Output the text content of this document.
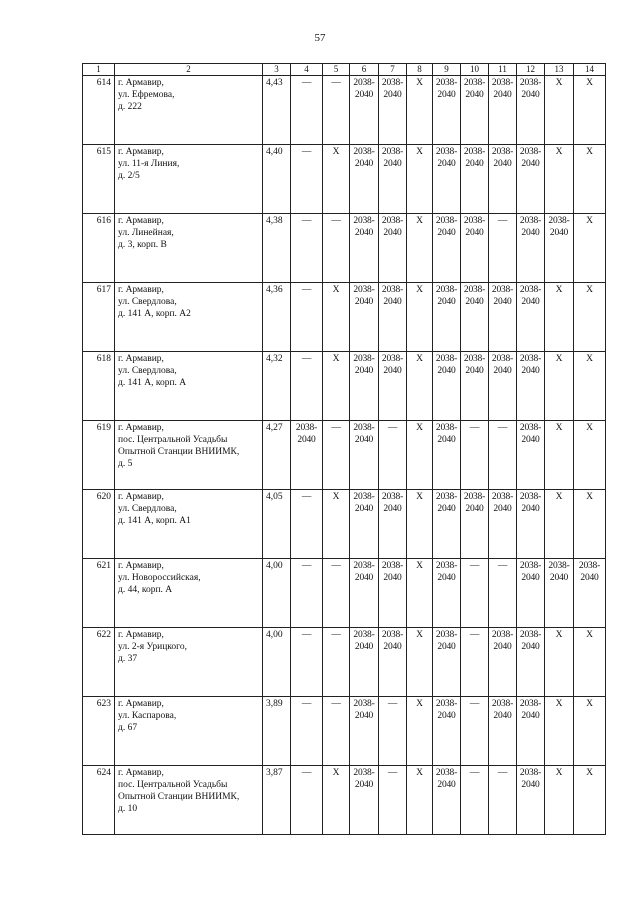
57
1	2	3	4	5	6	7	8	9	10	11	12	13	14
614	г. Армавир,
ул. Ефремова,
д. 222	4,43	—	—	2038-
2040	2038-
2040	X	2038-
2040	2038-
2040	2038-
2040	2038-
2040	X	X
615	г. Армавир,
ул. 11-я Линия,
д. 2/5	4,40	—	X	2038-
2040	2038-
2040	X	2038-
2040	2038-
2040	2038-
2040	2038-
2040	X	X
616	г. Армавир,
ул. Линейная,
д. 3, корп. В	4,38	—	—	2038-
2040	2038-
2040	X	2038-
2040	2038-
2040	—	2038-
2040	2038-
2040	X
617	г. Армавир,
ул. Свердлова,
д. 141 А, корп. А2	4,36	—	X	2038-
2040	2038-
2040	X	2038-
2040	2038-
2040	2038-
2040	2038-
2040	X	X
618	г. Армавир,
ул. Свердлова,
д. 141 А, корп. А	4,32	—	X	2038-
2040	2038-
2040	X	2038-
2040	2038-
2040	2038-
2040	2038-
2040	X	X
619	г. Армавир,
пос. Центральной Усадьбы
Опытной Станции ВНИИМК,
д. 5	4,27	2038-
2040	—	2038-
2040	—	X	2038-
2040	—	—	2038-
2040	X	X
620	г. Армавир,
ул. Свердлова,
д. 141 А, корп. А1	4,05	—	X	2038-
2040	2038-
2040	X	2038-
2040	2038-
2040	2038-
2040	2038-
2040	X	X
621	г. Армавир,
ул. Новороссийская,
д. 44, корп. А	4,00	—	—	2038-
2040	2038-
2040	X	2038-
2040	—	—	2038-
2040	2038-
2040	2038-
2040
622	г. Армавир,
ул. 2-я Урицкого,
д. 37	4,00	—	—	2038-
2040	2038-
2040	X	2038-
2040	—	2038-
2040	2038-
2040	X	X
623	г. Армавир,
ул. Каспарова,
д. 67	3,89	—	—	2038-
2040	—	X	2038-
2040	—	2038-
2040	2038-
2040	X	X
624	г. Армавир,
пос. Центральной Усадьбы
Опытной Станции ВНИИМК,
д. 10	3,87	—	X	2038-
2040	—	X	2038-
2040	—	—	2038-
2040	X	X
